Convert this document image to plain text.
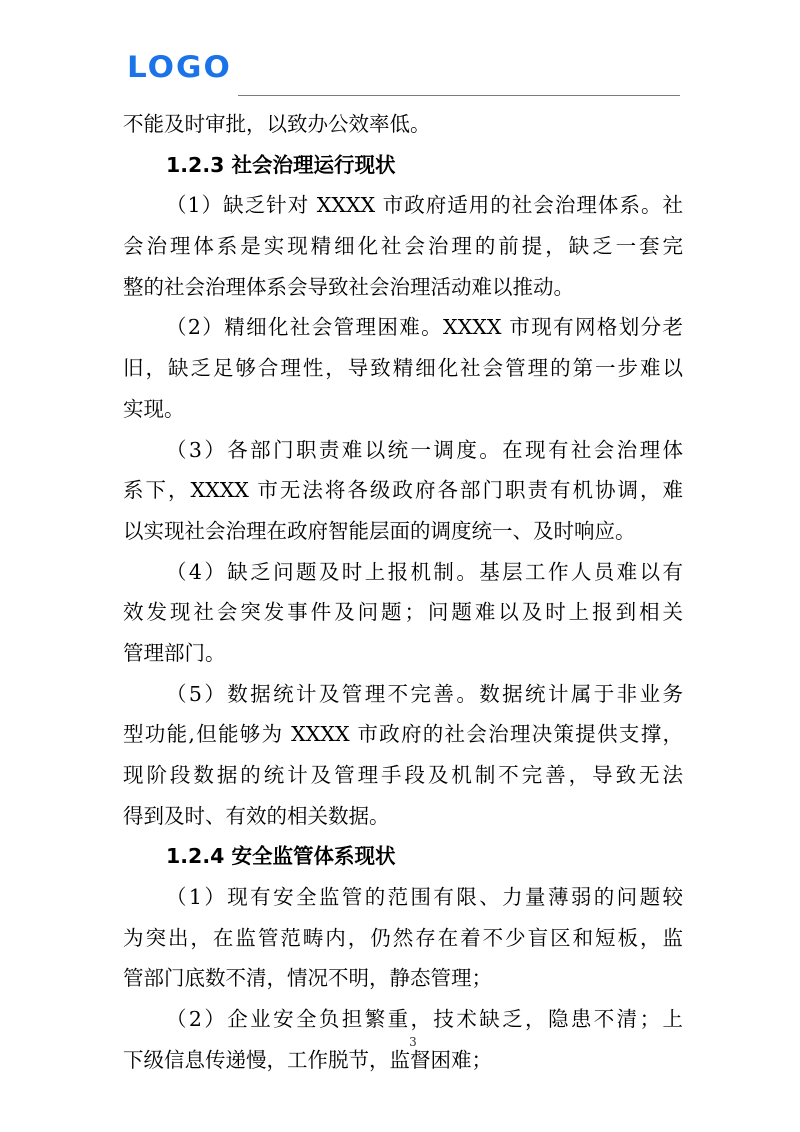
LOGO
不能及时审批，以致办公效率低。
1.2.3 社会治理运行现状
（1）缺乏针对 XXXX 市政府适用的社会治理体系。社
会治理体系是实现精细化社会治理的前提，缺乏一套完
整的社会治理体系会导致社会治理活动难以推动。
（2）精细化社会管理困难。XXXX 市现有网格划分老
旧，缺乏足够合理性，导致精细化社会管理的第一步难以
实现。
（3）各部门职责难以统一调度。在现有社会治理体
系下，XXXX 市无法将各级政府各部门职责有机协调，难
以实现社会治理在政府智能层面的调度统一、及时响应。
（4）缺乏问题及时上报机制。基层工作人员难以有
效发现社会突发事件及问题；问题难以及时上报到相关
管理部门。
（5）数据统计及管理不完善。数据统计属于非业务
型功能,但能够为 XXXX 市政府的社会治理决策提供支撑，
现阶段数据的统计及管理手段及机制不完善，导致无法
得到及时、有效的相关数据。
1.2.4 安全监管体系现状
（1）现有安全监管的范围有限、力量薄弱的问题较
为突出，在监管范畴内，仍然存在着不少盲区和短板，监
管部门底数不清，情况不明，静态管理；
（2）企业安全负担繁重，技术缺乏，隐患不清；上
下级信息传递慢，工作脱节，监督困难；
3
